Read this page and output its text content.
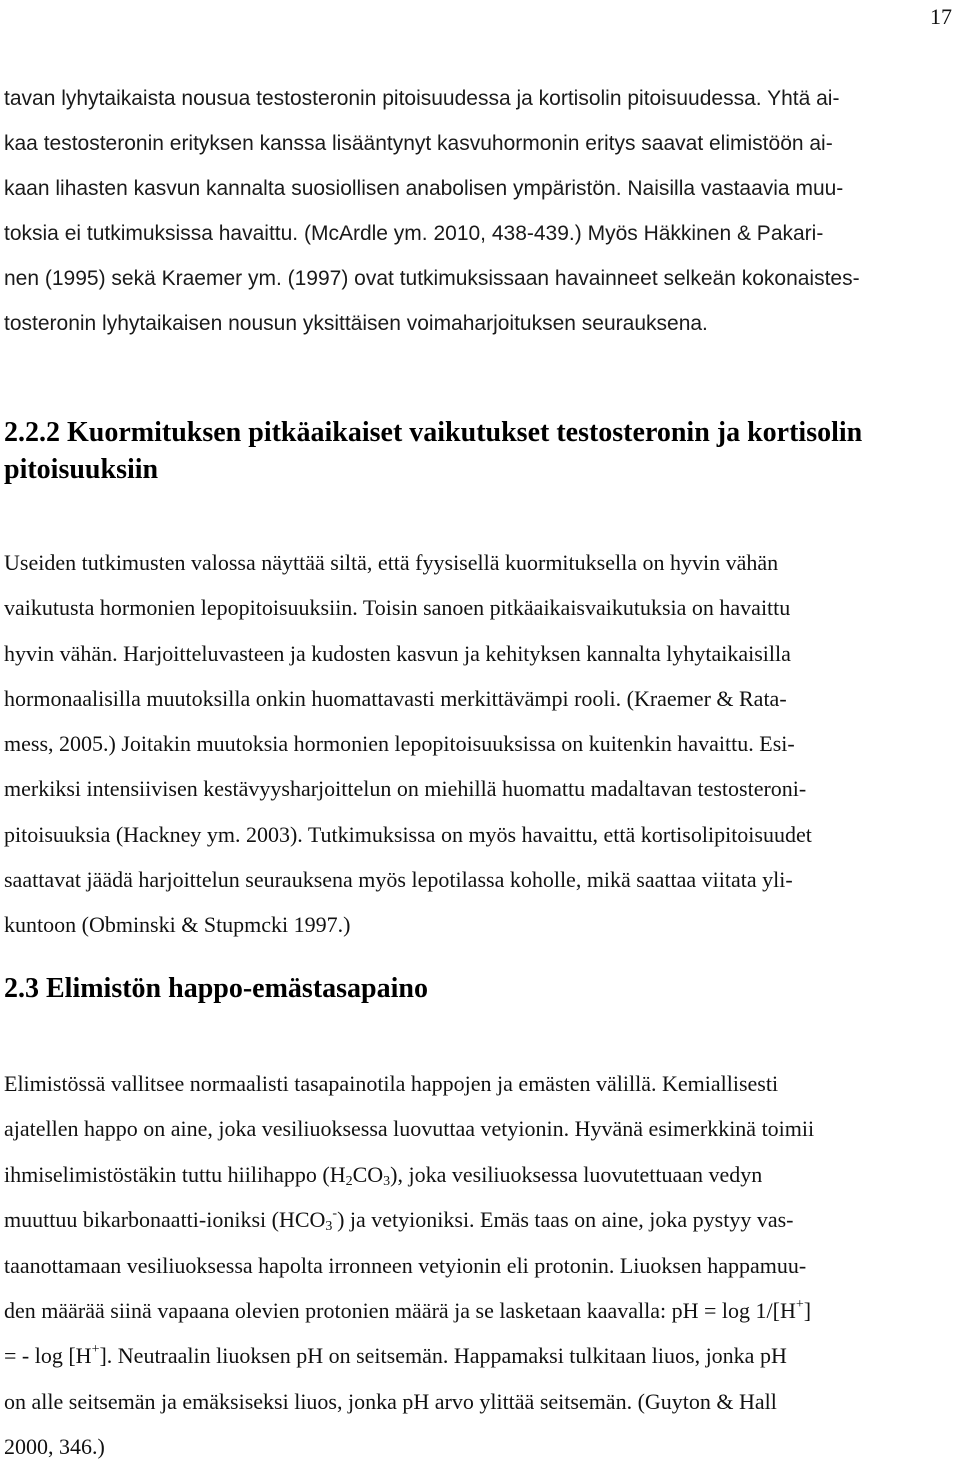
17

tavan lyhytaikaista nousua testosteronin pitoisuudessa ja kortisolin pitoisuudessa. Yhtä ai-
kaa testosteronin erityksen kanssa lisääntynyt kasvuhormonin eritys saavat elimistöön ai-
kaan lihasten kasvun kannalta suosiollisen anabolisen ympäristön. Naisilla vastaavia muu-
toksia ei tutkimuksissa havaittu. (McArdle ym. 2010, 438-439.) Myös Häkkinen & Pakari-
nen (1995) sekä Kraemer ym. (1997) ovat tutkimuksissaan havainneet selkeän kokonaistes-
tosteronin lyhytaikaisen nousun yksittäisen voimaharjoituksen seurauksena.

2.2.2 Kuormituksen pitkäaikaiset vaikutukset testosteronin ja kortisolin
pitoisuuksiin

Useiden tutkimusten valossa näyttää siltä, että fyysisellä kuormituksella on hyvin vähän
vaikutusta hormonien lepopitoisuuksiin. Toisin sanoen pitkäaikaisvaikutuksia on havaittu
hyvin vähän. Harjoitteluvasteen ja kudosten kasvun ja kehityksen kannalta lyhytaikaisilla
hormonaalisilla muutoksilla onkin huomattavasti merkittävämpi rooli. (Kraemer & Rata-
mess, 2005.) Joitakin muutoksia hormonien lepopitoisuuksissa on kuitenkin havaittu. Esi-
merkiksi intensiivisen kestävyysharjoittelun on miehillä huomattu madaltavan testosteroni-
pitoisuuksia (Hackney ym. 2003). Tutkimuksissa on myös havaittu, että kortisolipitoisuudet
saattavat jäädä harjoittelun seurauksena myös lepotilassa koholle, mikä saattaa viitata yli-
kuntoon (Obminski & Stupmcki 1997.)

2.3 Elimistön happo-emästasapaino

Elimistössä vallitsee normaalisti tasapainotila happojen ja emästen välillä. Kemiallisesti
ajatellen happo on aine, joka vesiliuoksessa luovuttaa vetyionin. Hyvänä esimerkkinä toimii
ihmiselimistöstäkin tuttu hiilihappo $(H_2CO_3)$, joka vesiliuoksessa luovutettuaan vedyn
muuttuu bikarbonaatti-ioniksi $(HCO_3^-)$ ja vetyioniksi. Emäs taas on aine, joka pystyy vas-
taanottamaan vesiliuoksessa hapolta irronneen vetyionin eli protonin. Liuoksen happamuu-
den määrää siinä vapaana olevien protonien määrä ja se lasketaan kaavalla: pH = log 1/[H+]
= - log [H+]. Neutraalin liuoksen pH on seitsemän. Happamaksi tulkitaan liuos, jonka pH
on alle seitsemän ja emäksiseksi liuos, jonka pH arvo ylittää seitsemän. (Guyton & Hall
2000, 346.)
